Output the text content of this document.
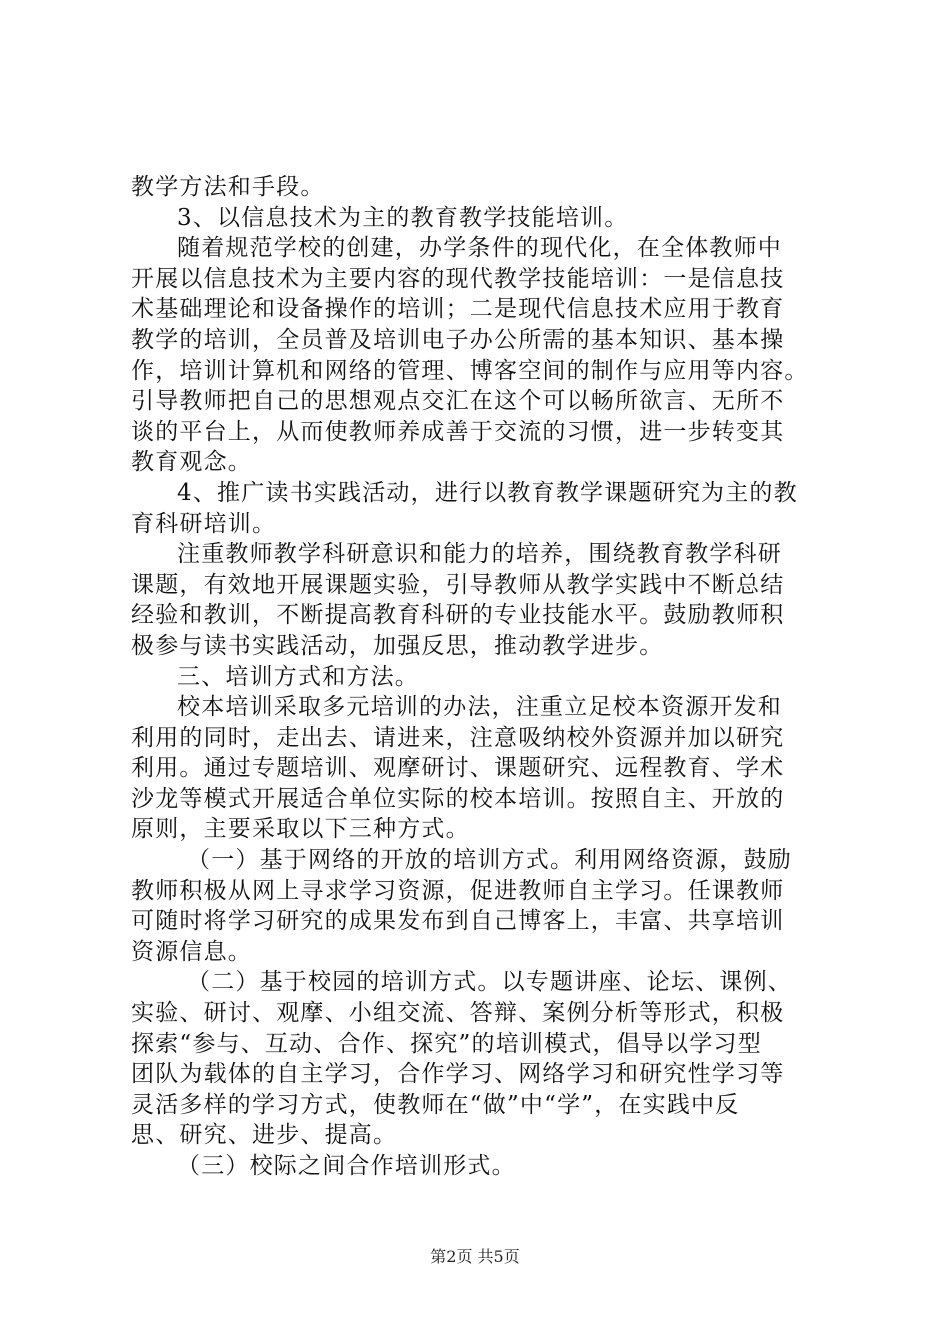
教学方法和手段。
3、以信息技术为主的教育教学技能培训。
随着规范学校的创建，办学条件的现代化，在全体教师中
开展以信息技术为主要内容的现代教学技能培训：一是信息技
术基础理论和设备操作的培训；二是现代信息技术应用于教育
教学的培训，全员普及培训电子办公所需的基本知识、基本操
作，培训计算机和网络的管理、博客空间的制作与应用等内容。
引导教师把自己的思想观点交汇在这个可以畅所欲言、无所不
谈的平台上，从而使教师养成善于交流的习惯，进一步转变其
教育观念。
4、推广读书实践活动，进行以教育教学课题研究为主的教
育科研培训。
注重教师教学科研意识和能力的培养，围绕教育教学科研
课题，有效地开展课题实验，引导教师从教学实践中不断总结
经验和教训，不断提高教育科研的专业技能水平。鼓励教师积
极参与读书实践活动，加强反思，推动教学进步。
三、培训方式和方法。
校本培训采取多元培训的办法，注重立足校本资源开发和
利用的同时，走出去、请进来，注意吸纳校外资源并加以研究
利用。通过专题培训、观摩研讨、课题研究、远程教育、学术
沙龙等模式开展适合单位实际的校本培训。按照自主、开放的
原则，主要采取以下三种方式。
（一）基于网络的开放的培训方式。利用网络资源，鼓励
教师积极从网上寻求学习资源，促进教师自主学习。任课教师
可随时将学习研究的成果发布到自己博客上，丰富、共享培训
资源信息。
（二）基于校园的培训方式。以专题讲座、论坛、课例、
实验、研讨、观摩、小组交流、答辩、案例分析等形式，积极
探索“参与、互动、合作、探究”的培训模式，倡导以学习型
团队为载体的自主学习，合作学习、网络学习和研究性学习等
灵活多样的学习方式，使教师在“做”中“学”，在实践中反
思、研究、进步、提高。
（三）校际之间合作培训形式。
第2页 共5页
